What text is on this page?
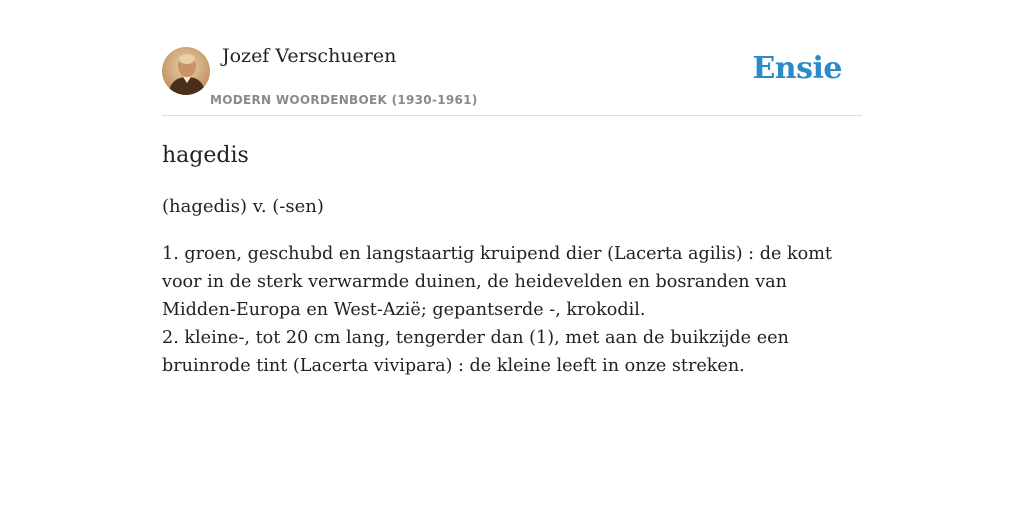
Jozef Verschueren
MODERN WOORDENBOEK (1930-1961)
Ensie
hagedis
(hagedis) v. (-sen)

1. groen, geschubd en langstaartig kruipend dier (Lacerta agilis) : de komt voor in de sterk verwarmde duinen, de heidevelden en bosranden van Midden-Europa en West-Azië; gepantserde -, krokodil.

2. kleine-, tot 20 cm lang, tengerder dan (1), met aan de buikzijde een bruinrode tint (Lacerta vivipara) : de kleine leeft in onze streken.
